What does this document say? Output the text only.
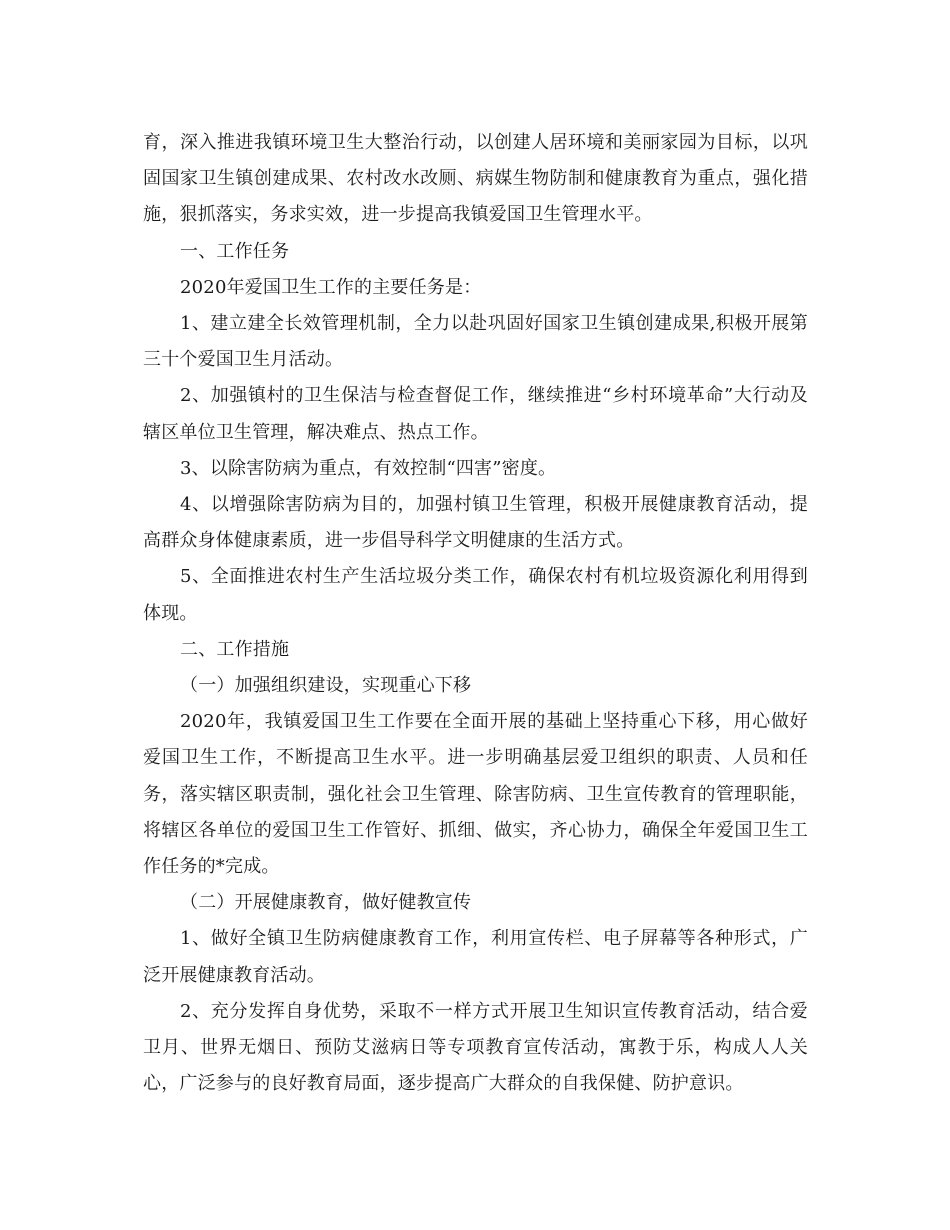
育，深入推进我镇环境卫生大整治行动，以创建人居环境和美丽家园为目标，以巩固国家卫生镇创建成果、农村改水改厕、病媒生物防制和健康教育为重点，强化措施，狠抓落实，务求实效，进一步提高我镇爱国卫生管理水平。

一、工作任务

2020年爱国卫生工作的主要任务是：

1、建立建全长效管理机制，全力以赴巩固好国家卫生镇创建成果,积极开展第三十个爱国卫生月活动。

2、加强镇村的卫生保洁与检查督促工作，继续推进“乡村环境革命”大行动及辖区单位卫生管理，解决难点、热点工作。

3、以除害防病为重点，有效控制“四害”密度。

4、以增强除害防病为目的，加强村镇卫生管理，积极开展健康教育活动，提高群众身体健康素质，进一步倡导科学文明健康的生活方式。

5、全面推进农村生产生活垃圾分类工作，确保农村有机垃圾资源化利用得到体现。

二、工作措施

（一）加强组织建设，实现重心下移

2020年，我镇爱国卫生工作要在全面开展的基础上坚持重心下移，用心做好爱国卫生工作，不断提高卫生水平。进一步明确基层爱卫组织的职责、人员和任务，落实辖区职责制，强化社会卫生管理、除害防病、卫生宣传教育的管理职能，将辖区各单位的爱国卫生工作管好、抓细、做实，齐心协力，确保全年爱国卫生工作任务的*完成。

（二）开展健康教育，做好健教宣传

1、做好全镇卫生防病健康教育工作，利用宣传栏、电子屏幕等各种形式，广泛开展健康教育活动。

2、充分发挥自身优势，采取不一样方式开展卫生知识宣传教育活动，结合爱卫月、世界无烟日、预防艾滋病日等专项教育宣传活动，寓教于乐，构成人人关心，广泛参与的良好教育局面，逐步提高广大群众的自我保健、防护意识。
